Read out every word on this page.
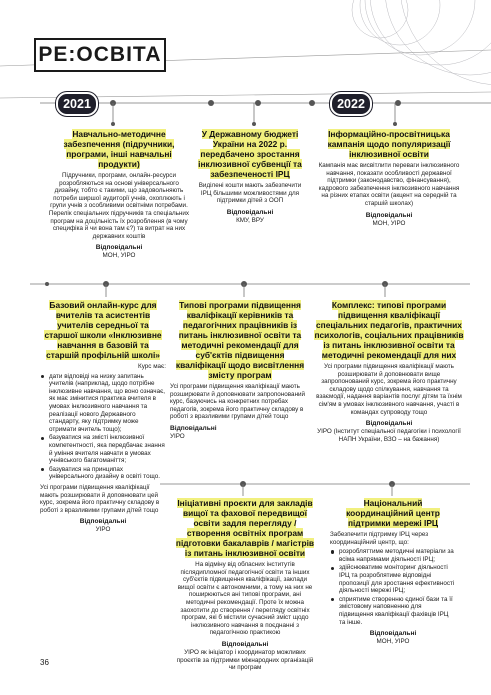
РЕ:ОСВІТА
2021	2022
Навчально-методичне забезпечення (підручники, програми, інші навчальні продукти)
Підручники, програми, онлайн-ресурси розробляються на основі універсального дизайну, тобто є такими, що задовольняють потреби ширшої аудиторії учнів, охоплюють і групи учнів з особливими освітніми потребами. Перелік спеціальних підручників та спеціальних програм на доцільність їх розроблення (в чому специфіка й чи вона там є?) та витрат на них державних коштів
Відповідальні
МОН, УІРО
У Державному бюджеті України на 2022 р. передбачено зростання інклюзивної субвенції та забезпеченості ІРЦ
Виділені кошти мають забезпечити ІРЦ більшими можливостями для підтримки дітей з ООП
Відповідальні
КМУ, ВРУ
Інформаційно-просвітницька кампанія щодо популяризації інклюзивної освіти
Кампанія має висвітлити переваги інклюзивного навчання, показати особливості державної підтримки (законодавство, фінансування), кадрового забезпечення інклюзивного навчання на різних етапах освіти (акцент на середній та старшій школах)
Відповідальні
МОН, УІРО
Базовий онлайн-курс для вчителів та асистентів учителів середньої та старшої школи «Інклюзивне навчання в базовій та старшій профільній школі»
Курс має:
дати відповіді на низку запитань учителів (наприклад, щодо потрібне інклюзивне навчання, що воно означає, як має змінитися практика вчителя в умовах інклюзивного навчання та реалізації нового Державного стандарту, яку підтримку може отримати вчитель тощо);
базуватися на змісті інклюзивної компетентності, яка передбачає знання й уміння вчителя навчати в умовах учнівського багатоманіття;
базуватися на принципах універсального дизайну в освіті тощо.
Усі програми підвищення кваліфікації мають розширювати й доповнювати цей курс, зокрема його практичну складову в роботі з вразливими групами дітей тощо
Відповідальні
УІРО
Типові програми підвищення кваліфікації керівників та педагогічних працівників із питань інклюзивної освіти та методичні рекомендації для суб'єктів підвищення кваліфікації щодо висвітлення змісту програм
Усі програми підвищення кваліфікації мають розширювати й доповнювати запропонований курс, базуючись на конкретних потребах педагогів, зокрема його практичну складову в роботі з вразливими групами дітей тощо
Відповідальні
УІРО
Комплекс: типові програми підвищення кваліфікації спеціальних педагогів, практичних психологів, соціальних працівників із питань інклюзивної освіти та методичні рекомендації для них
Усі програми підвищення кваліфікації мають розширювати й доповнювати вище запропонований курс, зокрема його практичну складову щодо спілкування, навчання та взаємодії, надання варіантів послуг дітям та їхнім сім'ям в умовах інклюзивного навчання, участі в командах супроводу тощо
Відповідальні
УІРО (Інститут спеціальної педагогіки і психології НАПН України, ВЗО – на бажання)
Ініціативні проєкти для закладів вищої та фахової передвищої освіти задля перегляду / створення освітніх програм підготовки бакалаврів / магістрів із питань інклюзивної освіти
На відміну від обласних інститутів післядипломної педагогічної освіти та інших суб'єктів підвищення кваліфікації, заклади вищої освіти є автономними, а тому на них не поширюються ані типові програми, ані методичні рекомендації. Проте їх можна заохотити до створення / перегляду освітніх програм, які б містили сучасний зміст щодо інклюзивного навчання в поєднанні з педагогічною практикою
Відповідальні
УІРО як ініціатор і координатор можливих проєктів за підтримки міжнародних організацій чи програм
Національний координаційний центр підтримки мережі ІРЦ
Забезпечити підтримку ІРЦ через координаційний центр, що:
розробляттиме методичні матеріали за всіма напрямами діяльності ІРЦ;
здійснюватиме моніторинг діяльності ІРЦ та розроблятиме відповідні пропозиції для зростання ефективності діяльності мережі ІРЦ;
сприятиме створенню єдиної бази та її змістовому наповненню для підвищення кваліфікації фахівців ІРЦ та інше.
Відповідальні
МОН, УІРО
36
